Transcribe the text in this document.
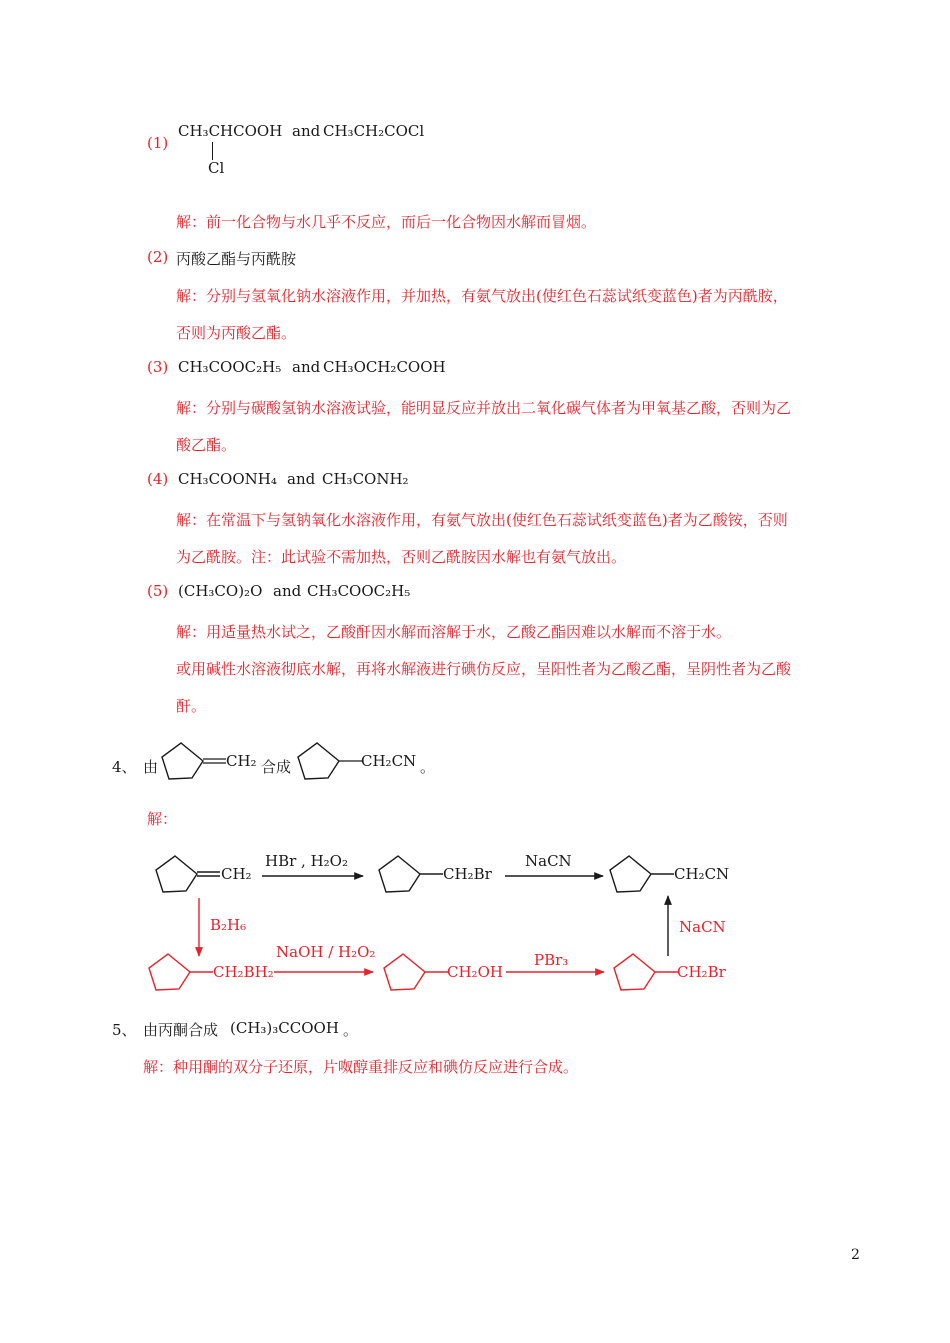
(1)
CH₃CHCOOH
Cl
and CH₃CH₂COCl
解：前一化合物与水几乎不反应，而后一化合物因水解而冒烟。
(2) 丙酸乙酯与丙酰胺
解：分别与氢氧化钠水溶液作用，并加热，有氨气放出(使红色石蕊试纸变蓝色)者为丙酰胺，
否则为丙酸乙酯。
(3) CH₃COOC₂H₅ and CH₃OCH₂COOH
解：分别与碳酸氢钠水溶液试验，能明显反应并放出二氧化碳气体者为甲氧基乙酸，否则为乙
酸乙酯。
(4) CH₃COONH₄ and CH₃CONH₂
解：在常温下与氢钠氧化水溶液作用，有氨气放出(使红色石蕊试纸变蓝色)者为乙酸铵，否则
为乙酰胺。注：此试验不需加热，否则乙酰胺因水解也有氨气放出。
(5) (CH₃CO)₂O and CH₃COOC₂H₅
解：用适量热水试之，乙酸酐因水解而溶解于水，乙酸乙酯因难以水解而不溶于水。
或用碱性水溶液彻底水解，再将水解液进行碘仿反应，呈阳性者为乙酸乙酯，呈阴性者为乙酸
酐。
4、 由	CH₂ 合成	CH₂CN 。
解：
CH₂
HBr , H₂O₂
CH₂Br
NaCN
CH₂CN
B₂H₆	NaCN
CH₂BH₂
NaOH / H₂O₂
CH₂OH
PBr₃
CH₂Br
5、 由丙酮合成 (CH₃)₃CCOOH 。
解：种用酮的双分子还原，片呶醇重排反应和碘仿反应进行合成。
2
